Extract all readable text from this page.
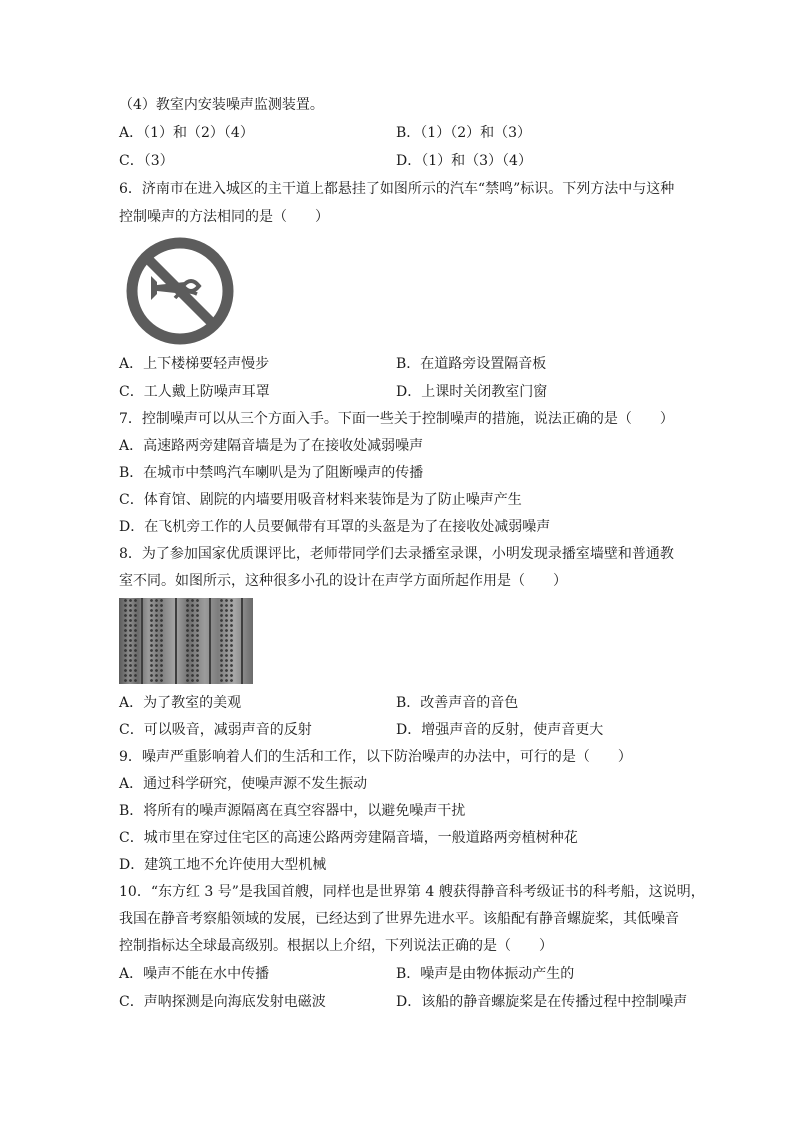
（4）教室内安装噪声监测装置。
A．（1）和（2）（4）	B．（1）（2）和（3）
C．（3）	D．（1）和（3）（4）
6．济南市在进入城区的主干道上都悬挂了如图所示的汽车“禁鸣”标识。下列方法中与这种
控制噪声的方法相同的是（　　）
A．上下楼梯要轻声慢步	B．在道路旁设置隔音板
C．工人戴上防噪声耳罩	D．上课时关闭教室门窗
7．控制噪声可以从三个方面入手。下面一些关于控制噪声的措施，说法正确的是（　　）
A．高速路两旁建隔音墙是为了在接收处减弱噪声
B．在城市中禁鸣汽车喇叭是为了阻断噪声的传播
C．体育馆、剧院的内墙要用吸音材料来装饰是为了防止噪声产生
D．在飞机旁工作的人员要佩带有耳罩的头盔是为了在接收处减弱噪声
8．为了参加国家优质课评比，老师带同学们去录播室录课，小明发现录播室墙壁和普通教
室不同。如图所示，这种很多小孔的设计在声学方面所起作用是（　　）
A．为了教室的美观	B．改善声音的音色
C．可以吸音，减弱声音的反射	D．增强声音的反射，使声音更大
9．噪声严重影响着人们的生活和工作，以下防治噪声的办法中，可行的是（　　）
A．通过科学研究，使噪声源不发生振动
B．将所有的噪声源隔离在真空容器中，以避免噪声干扰
C．城市里在穿过住宅区的高速公路两旁建隔音墙，一般道路两旁植树种花
D．建筑工地不允许使用大型机械
10．“东方红 3 号”是我国首艘，同样也是世界第 4 艘获得静音科考级证书的科考船，这说明，
我国在静音考察船领域的发展，已经达到了世界先进水平。该船配有静音螺旋桨，其低噪音
控制指标达全球最高级别。根据以上介绍，下列说法正确的是（　　）
A．噪声不能在水中传播	B．噪声是由物体振动产生的
C．声呐探测是向海底发射电磁波	D．该船的静音螺旋桨是在传播过程中控制噪声
